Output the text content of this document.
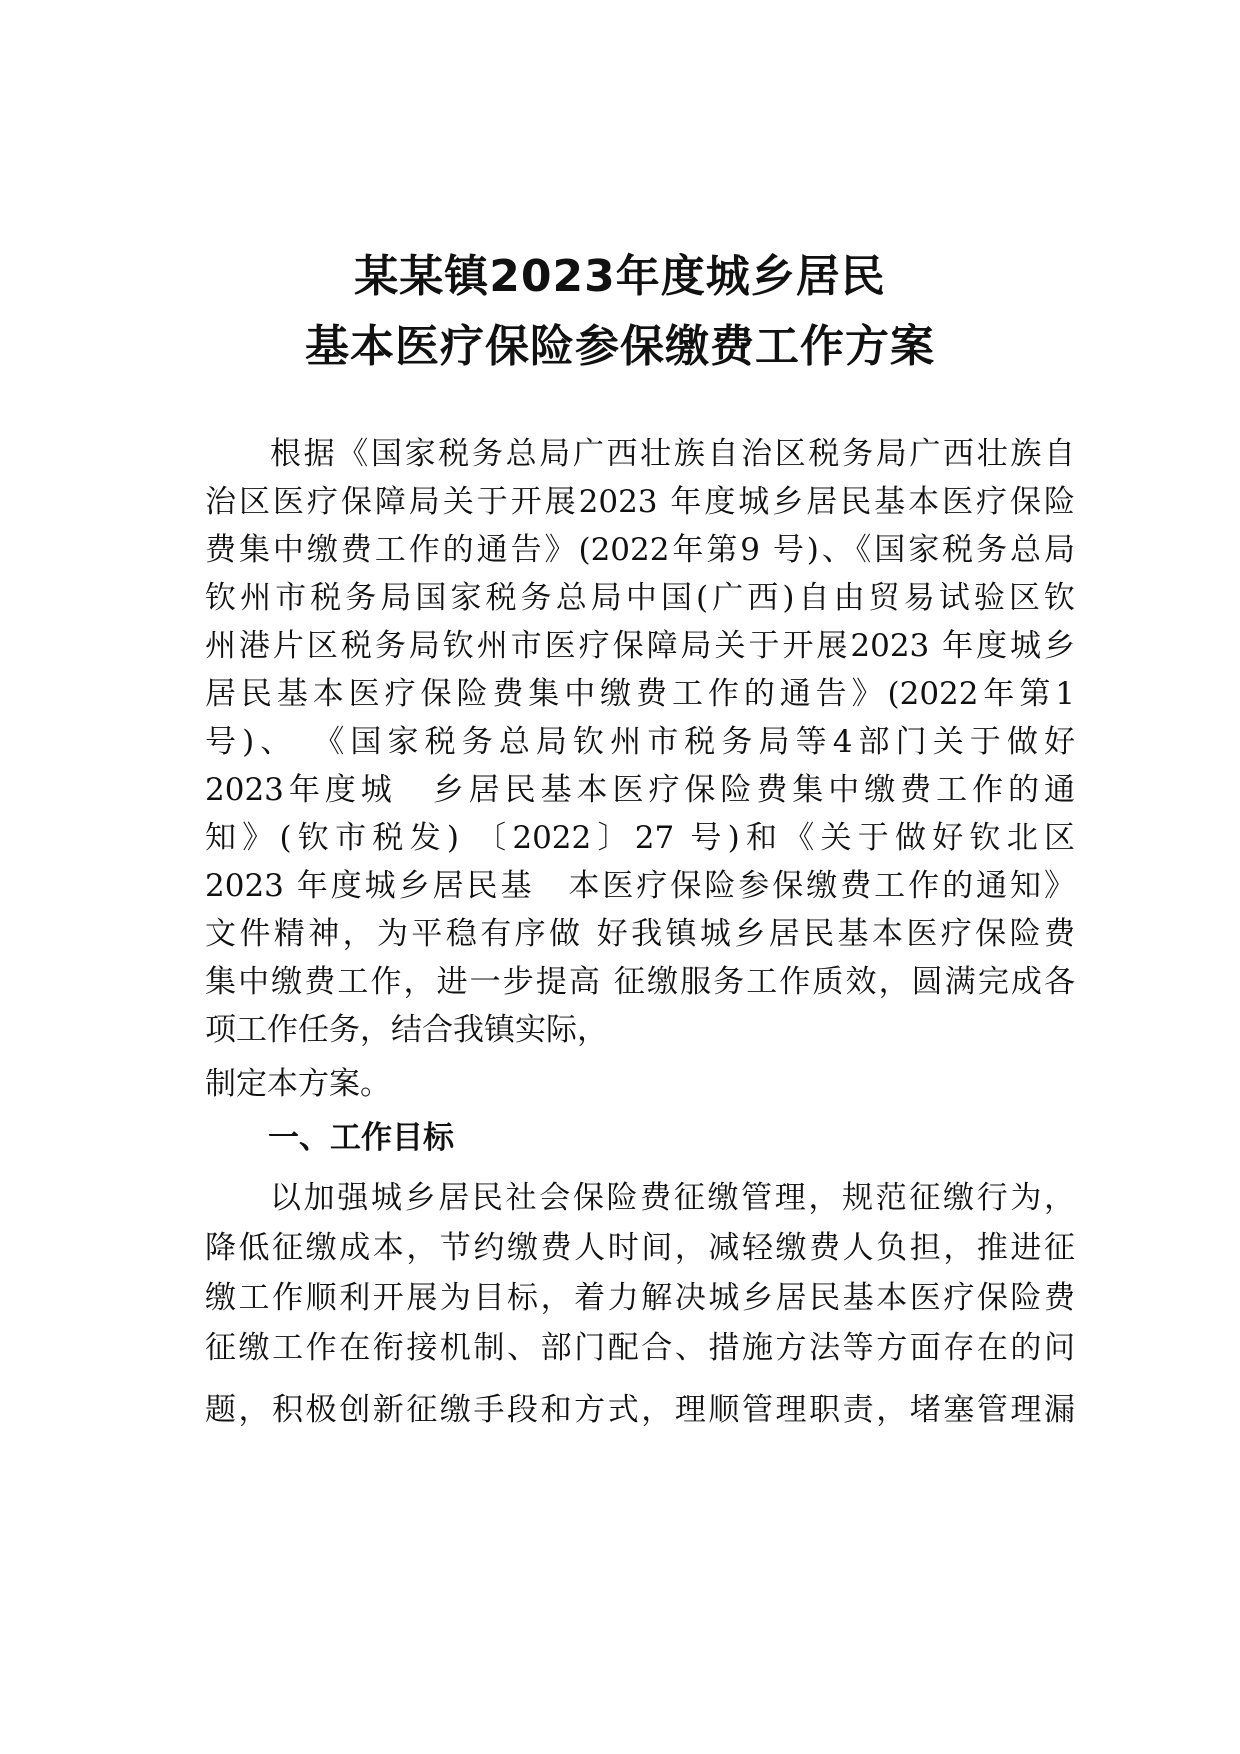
某某镇2023年度城乡居民
基本医疗保险参保缴费工作方案
根据《国家税务总局广西壮族自治区税务局广西壮族自
治区医疗保障局关于开展2023 年度城乡居民基本医疗保险
费集中缴费工作的通告》(2022年第9 号)、《国家税务总局
钦州市税务局国家税务总局中国(广西)自由贸易试验区钦
州港片区税务局钦州市医疗保障局关于开展2023 年度城乡
居民基本医疗保险费集中缴费工作的通告》(2022年第1
号)、 《国家税务总局钦州市税务局等4部门关于做好
2023年度城　乡居民基本医疗保险费集中缴费工作的通
知》(钦市税发) 〔2022〕27 号)和《关于做好钦北区
2023 年度城乡居民基　本医疗保险参保缴费工作的通知》
文件精神，为平稳有序做 好我镇城乡居民基本医疗保险费
集中缴费工作，进一步提高 征缴服务工作质效，圆满完成各
项工作任务，结合我镇实际，
制定本方案。
一、工作目标
以加强城乡居民社会保险费征缴管理，规范征缴行为，
降低征缴成本，节约缴费人时间，减轻缴费人负担，推进征
缴工作顺利开展为目标，着力解决城乡居民基本医疗保险费
征缴工作在衔接机制、部门配合、措施方法等方面存在的问
题，积极创新征缴手段和方式，理顺管理职责，堵塞管理漏
